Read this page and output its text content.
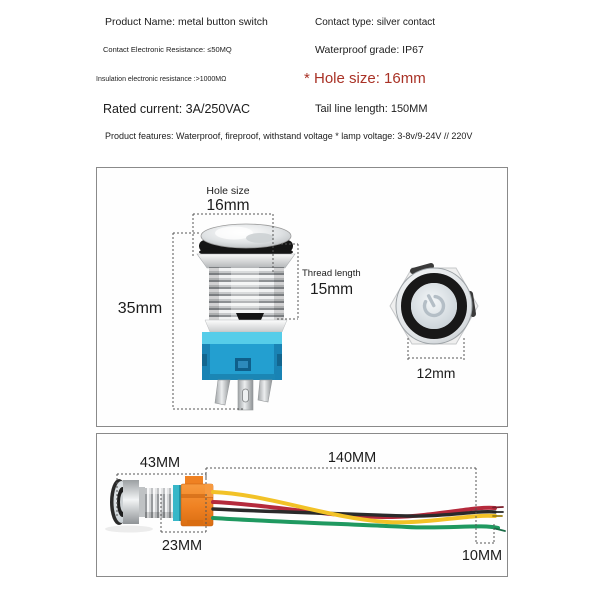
Product Name: metal button switch	Contact type: silver contact
Contact Electronic Resistance: ≤50MQ	Waterproof grade: IP67
Insulation electronic resistance :>1000MΩ	* Hole size: 16mm
Rated current: 3A/250VAC	Tail line length: 150MM
Product features: Waterproof, fireproof, withstand voltage * lamp voltage: 3-8v/9-24V // 220V
Hole size
16mm
35mm
Thread length
15mm
12mm
43MM	140MM
23MM
10MM
